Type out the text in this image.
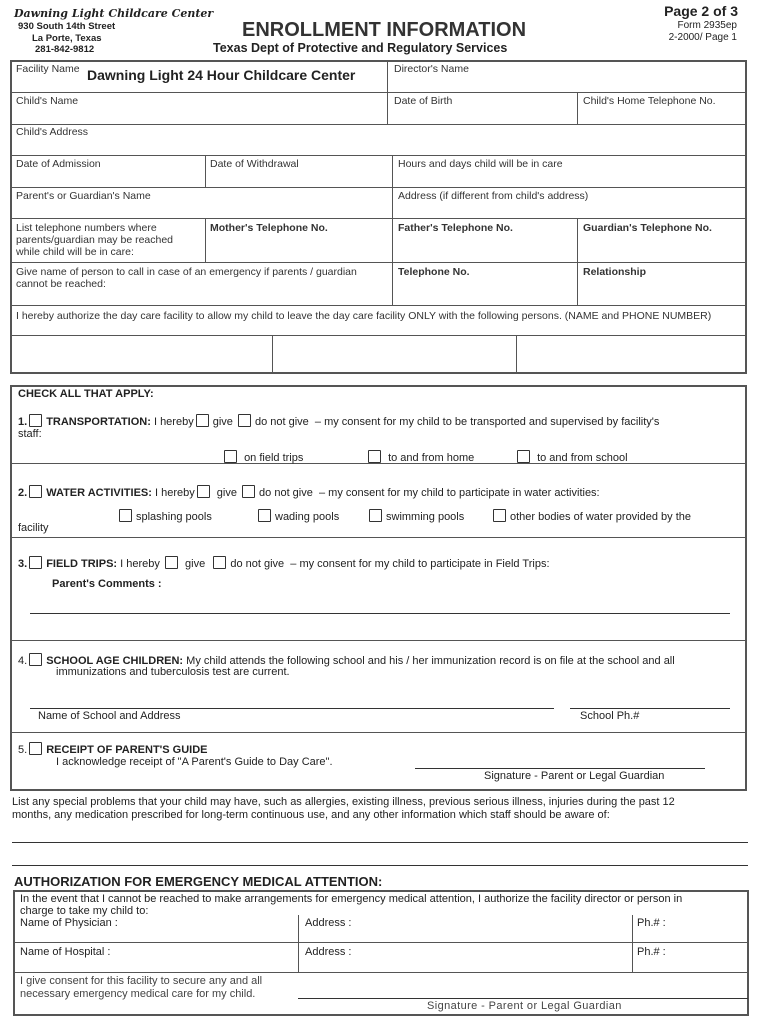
Dawning Light Childcare Center
930 South 14th Street
La Porte, Texas
281-842-9812
ENROLLMENT INFORMATION
Texas Dept of Protective and Regulatory Services
Page 2 of 3
Form 2935ep
2-2000/ Page 1
Facility Name Dawning Light 24 Hour Childcare Center	Director's Name
Child's Name	Date of Birth	Child's Home Telephone No.
Child's Address
Date of Admission	Date of Withdrawal	Hours and days child will be in care
Parent's or Guardian's Name	Address (if different from child's address)
List telephone numbers where parents/guardian may be reached while child will be in care:
Mother's Telephone No.	Father's Telephone No.	Guardian's Telephone No.
Give name of person to call in case of an emergency if parents / guardian cannot be reached:
Telephone No.	Relationship
I hereby authorize the day care facility to allow my child to leave the day care facility ONLY with the following persons. (NAME and PHONE NUMBER)
CHECK ALL THAT APPLY:
1. TRANSPORTATION: I hereby give do not give – my consent for my child to be transported and supervised by facility's
staff:
on field trips	to and from home	to and from school
2. WATER ACTIVITIES: I hereby give do not give – my consent for my child to participate in water activities:
splashing pools	wading pools	swimming pools	other bodies of water provided by the
facility
3. FIELD TRIPS: I hereby give do not give – my consent for my child to participate in Field Trips:
Parent's Comments :
4. SCHOOL AGE CHILDREN: My child attends the following school and his / her immunization record is on file at the school and all
immunizations and tuberculosis test are current.
Name of School and Address	School Ph.#
5. RECEIPT OF PARENT'S GUIDE
I acknowledge receipt of "A Parent's Guide to Day Care".
Signature - Parent or Legal Guardian
List any special problems that your child may have, such as allergies, existing illness, previous serious illness, injuries during the past 12
months, any medication prescribed for long-term continuous use, and any other information which staff should be aware of:
AUTHORIZATION FOR EMERGENCY MEDICAL ATTENTION:
In the event that I cannot be reached to make arrangements for emergency medical attention, I authorize the facility director or person in
charge to take my child to:
Name of Physician :	Address :	Ph.# :
Name of Hospital :	Address :	Ph.# :
I give consent for this facility to secure any and all
necessary emergency medical care for my child.
Signature - Parent or Legal Guardian
